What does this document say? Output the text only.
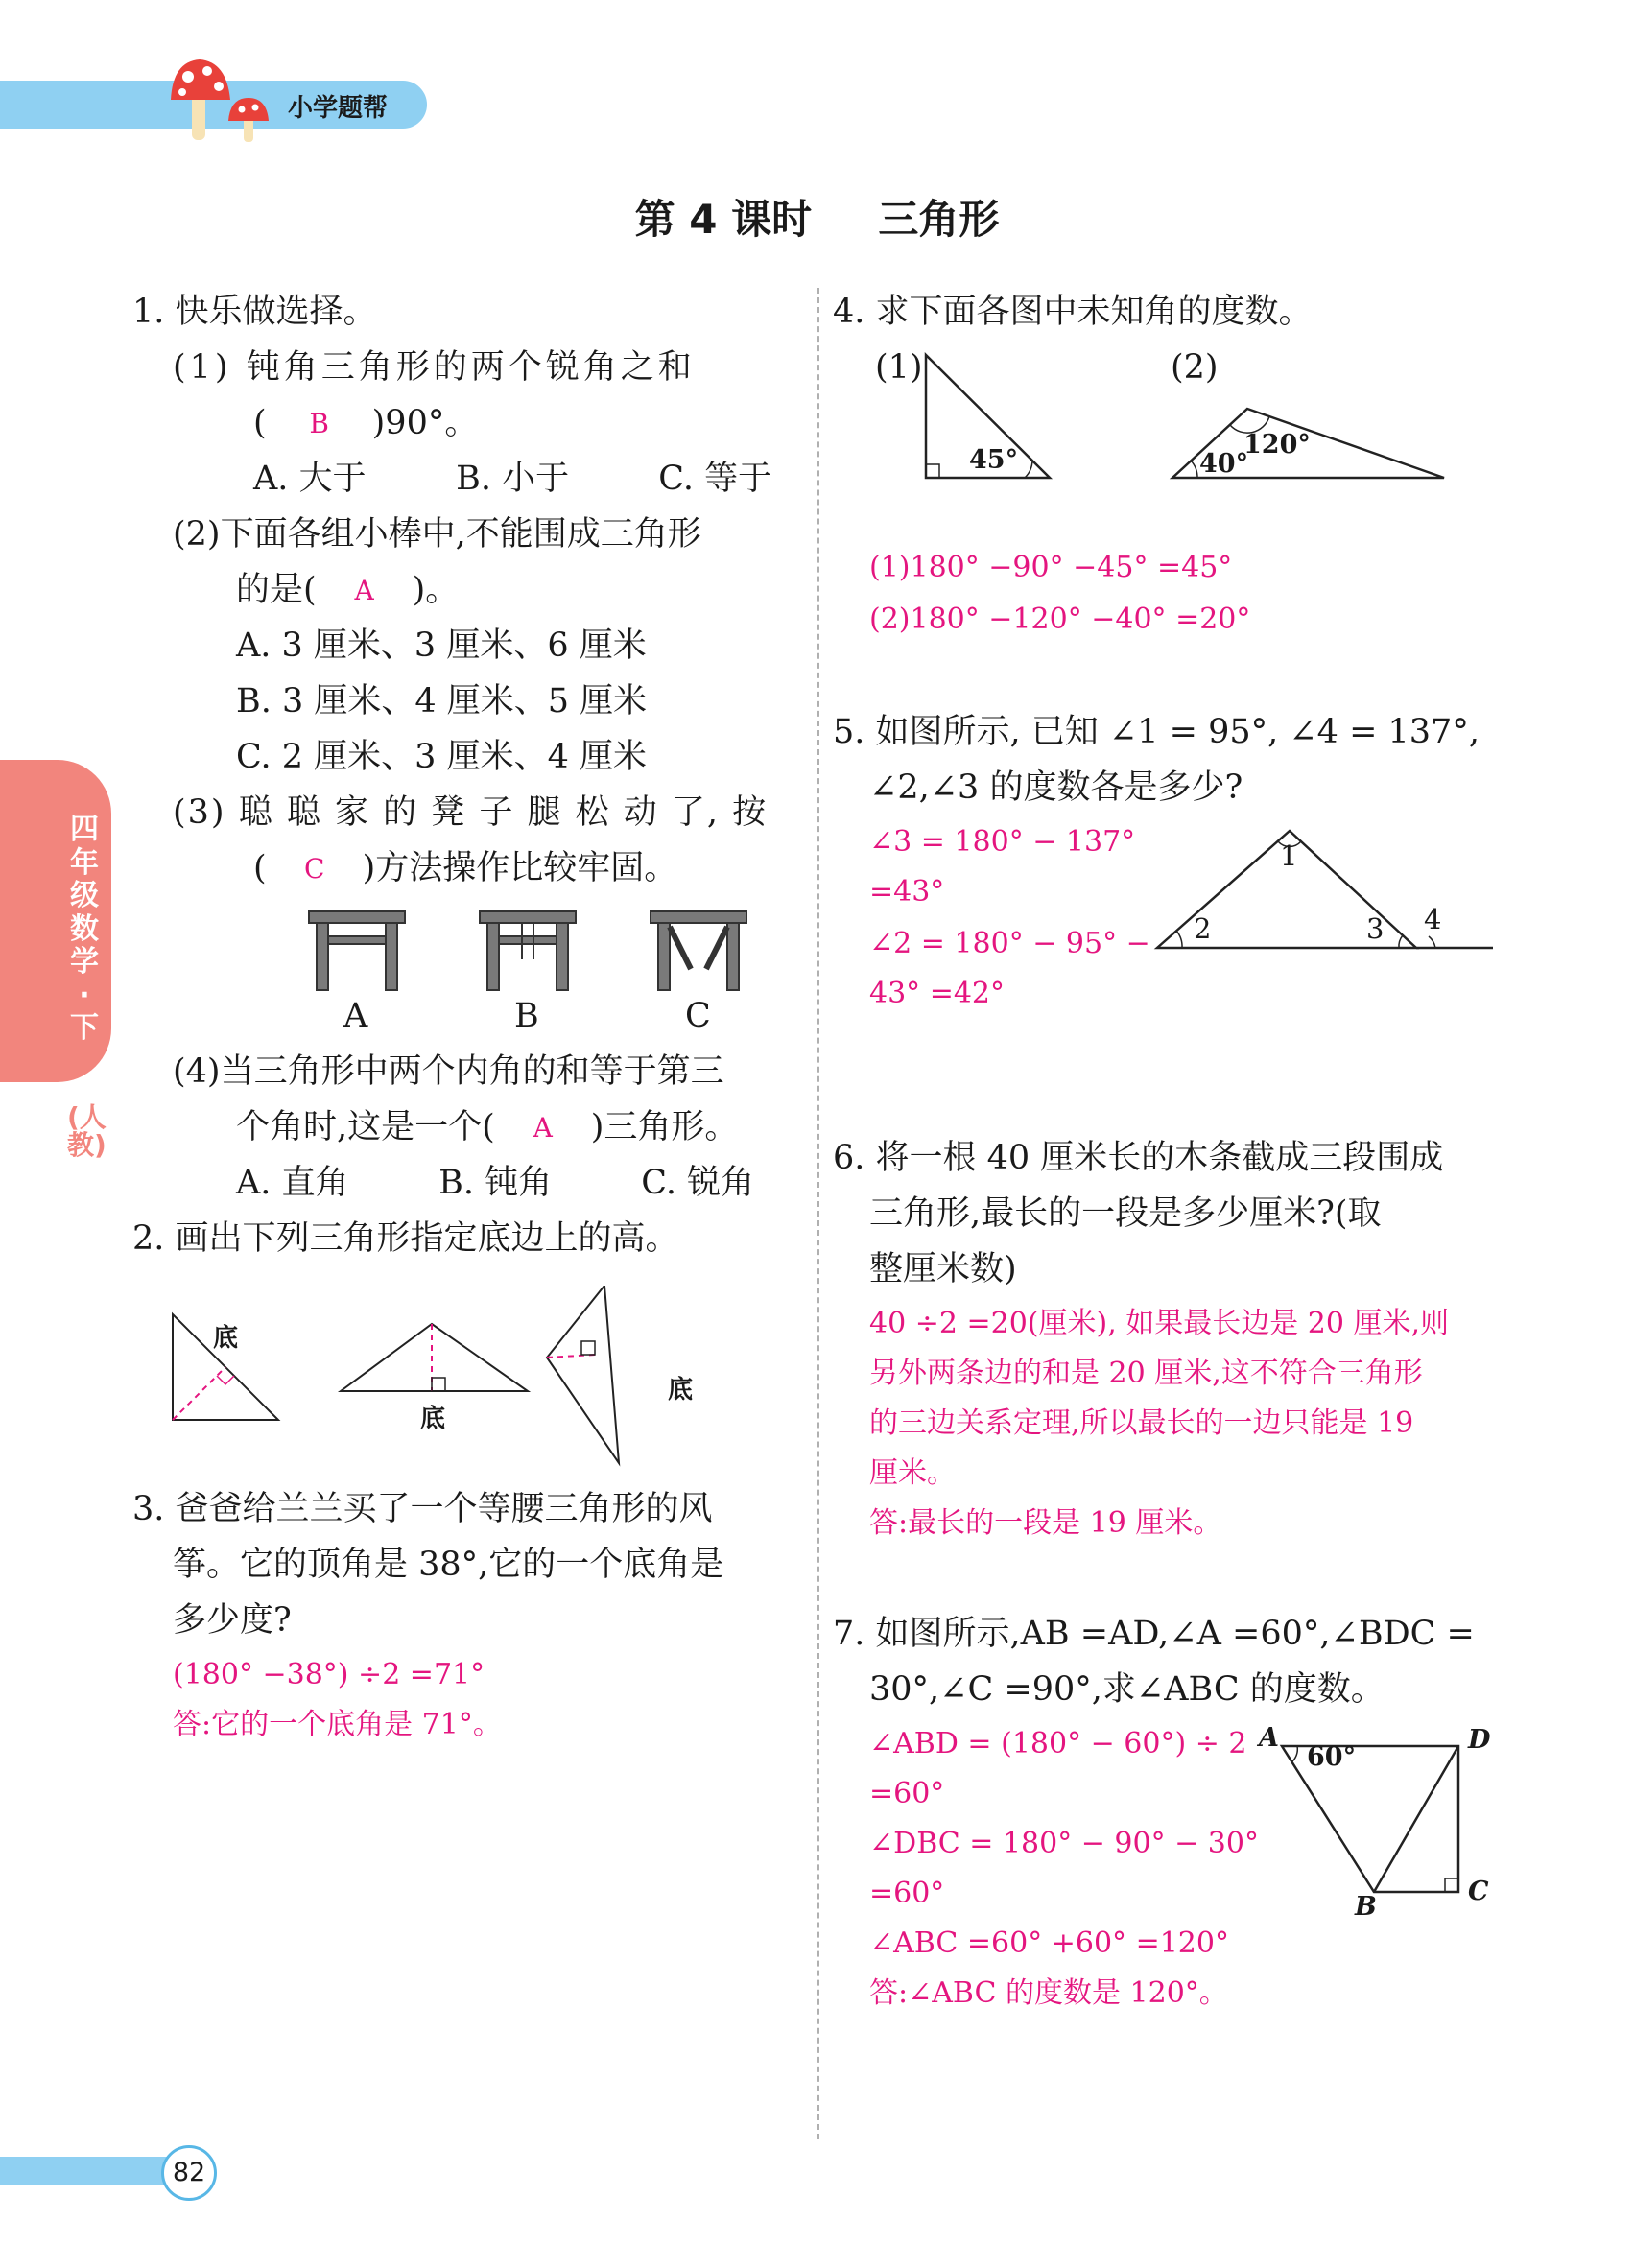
小学题帮
四年级数学·下
(人教)
第 4 课时 三角形
1. 快乐做选择。
(1) 钝角三角形的两个锐角之和
(	B	)90°。
A. 大于	B. 小于	C. 等于
(2)下面各组小棒中,不能围成三角形
的是(	A	)。
A. 3 厘米、3 厘米、6 厘米
B. 3 厘米、4 厘米、5 厘米
C. 2 厘米、3 厘米、4 厘米
(3) 聪 聪 家 的 凳 子 腿 松 动 了, 按
(	C	)方法操作比较牢固。
A	B	C
(4)当三角形中两个内角的和等于第三
个角时,这是一个(	A	)三角形。
A. 直角	B. 钝角	C. 锐角
2. 画出下列三角形指定底边上的高。
底
底
底
3. 爸爸给兰兰买了一个等腰三角形的风
筝。它的顶角是 38°,它的一个底角是
多少度?
(180° −38°) ÷2 =71°
答:它的一个底角是 71°。
4. 求下面各图中未知角的度数。
(1)	(2)
45°	40°
120°
(1)180° −90° −45° =45°
(2)180° −120° −40° =20°
5. 如图所示, 已知 ∠1 = 95°, ∠4 = 137°,
∠2,∠3 的度数各是多少?
∠3 = 180° − 137°
=43°
∠2 = 180° − 95° −
43° =42°
1
2	3 4
6. 将一根 40 厘米长的木条截成三段围成
三角形,最长的一段是多少厘米?(取
整厘米数)
40 ÷2 =20(厘米), 如果最长边是 20 厘米,则
另外两条边的和是 20 厘米,这不符合三角形
的三边关系定理,所以最长的一边只能是 19
厘米。
答:最长的一段是 19 厘米。
7. 如图所示,AB =AD,∠A =60°,∠BDC =
30°,∠C =90°,求∠ABC 的度数。
∠ABD = (180° − 60°) ÷ 2
=60°
∠DBC = 180° − 90° − 30°
=60°
∠ABC =60° +60° =120°
答:∠ABC 的度数是 120°。
A	D
B
C
60°
82
